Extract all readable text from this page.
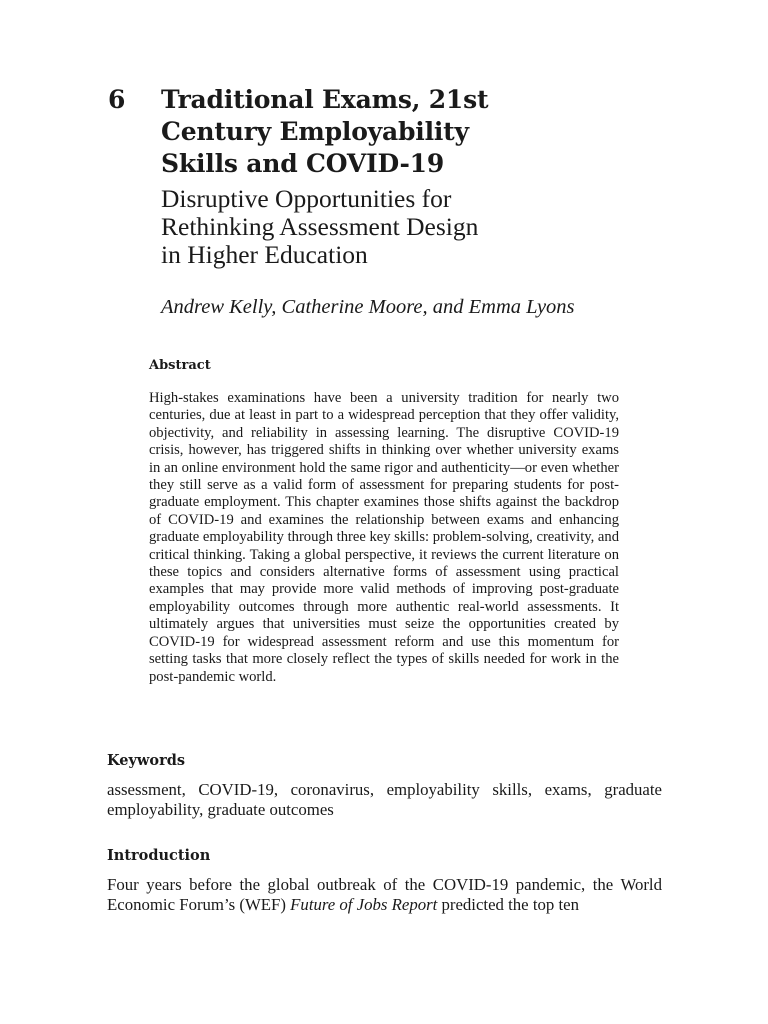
6 Traditional Exams, 21st
Century Employability
Skills and COVID-19
Disruptive Opportunities for
Rethinking Assessment Design
in Higher Education
Andrew Kelly, Catherine Moore, and Emma Lyons
Abstract

High-stakes examinations have been a university tradition for nearly two centuries, due at least in part to a widespread perception that they offer validity, objectivity, and reliability in assessing learning. The disruptive COVID-19 crisis, however, has triggered shifts in thinking over whether university exams in an online environment hold the same rigor and authenticity—or even whether they still serve as a valid form of assessment for preparing students for post-graduate employment. This chapter examines those shifts against the backdrop of COVID-19 and examines the relationship between exams and enhancing graduate employability through three key skills: problem-solving, creativity, and critical thinking. Taking a global perspective, it reviews the current literature on these topics and considers alternative forms of assessment using practical examples that may provide more valid methods of improving post-graduate employability outcomes through more authentic real-world assessments. It ultimately argues that universities must seize the opportunities created by COVID-19 for widespread assessment reform and use this momentum for setting tasks that more closely reflect the types of skills needed for work in the post-pandemic world.

Keywords

assessment, COVID-19, coronavirus, employability skills, exams, graduate employability, graduate outcomes

Introduction

Four years before the global outbreak of the COVID-19 pandemic, the World Economic Forum’s (WEF) Future of Jobs Report predicted the top ten
